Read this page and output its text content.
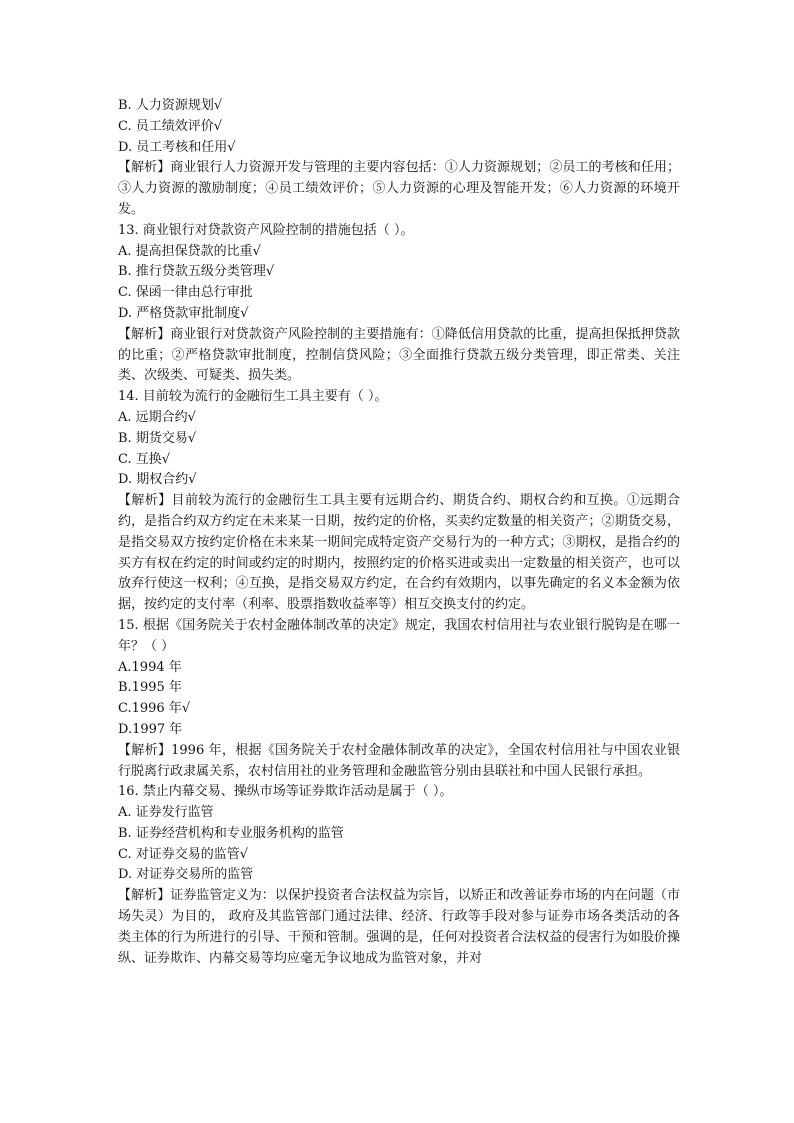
B. 人力资源规划√
C. 员工绩效评价√
D. 员工考核和任用√
【解析】商业银行人力资源开发与管理的主要内容包括：①人力资源规划；②员工的考核和任用；③人力资源的激励制度；④员工绩效评价；⑤人力资源的心理及智能开发；⑥人力资源的环境开发。
13. 商业银行对贷款资产风险控制的措施包括（ ）。
A. 提高担保贷款的比重√
B. 推行贷款五级分类管理√
C. 保函一律由总行审批
D. 严格贷款审批制度√
【解析】商业银行对贷款资产风险控制的主要措施有：①降低信用贷款的比重，提高担保抵押贷款的比重；②严格贷款审批制度，控制信贷风险；③全面推行贷款五级分类管理，即正常类、关注类、次级类、可疑类、损失类。
14. 目前较为流行的金融衍生工具主要有（ ）。
A. 远期合约√
B. 期货交易√
C. 互换√
D. 期权合约√
【解析】目前较为流行的金融衍生工具主要有远期合约、期货合约、期权合约和互换。①远期合约，是指合约双方约定在未来某一日期，按约定的价格，买卖约定数量的相关资产；②期货交易，是指交易双方按约定价格在未来某一期间完成特定资产交易行为的一种方式；③期权，是指合约的买方有权在约定的时间或约定的时期内，按照约定的价格买进或卖出一定数量的相关资产，也可以放弃行使这一权利；④互换，是指交易双方约定，在合约有效期内，以事先确定的名义本金额为依据，按约定的支付率（利率、股票指数收益率等）相互交换支付的约定。
15. 根据《国务院关于农村金融体制改革的决定》规定，我国农村信用社与农业银行脱钩是在哪一年？（ ）
A.1994 年
B.1995 年
C.1996 年√
D.1997 年
【解析】1996 年，根据《国务院关于农村金融体制改革的决定》，全国农村信用社与中国农业银行脱离行政隶属关系，农村信用社的业务管理和金融监管分别由县联社和中国人民银行承担。
16. 禁止内幕交易、操纵市场等证券欺诈活动是属于（ ）。
A. 证券发行监管
B. 证券经营机构和专业服务机构的监管
C. 对证券交易的监管√
D. 对证券交易所的监管
【解析】证券监管定义为：以保护投资者合法权益为宗旨，以矫正和改善证券市场的内在问题（市场失灵）为目的， 政府及其监管部门通过法律、经济、行政等手段对参与证券市场各类活动的各类主体的行为所进行的引导、干预和管制。强调的是，任何对投资者合法权益的侵害行为如股价操纵、证券欺诈、内幕交易等均应毫无争议地成为监管对象，并对
